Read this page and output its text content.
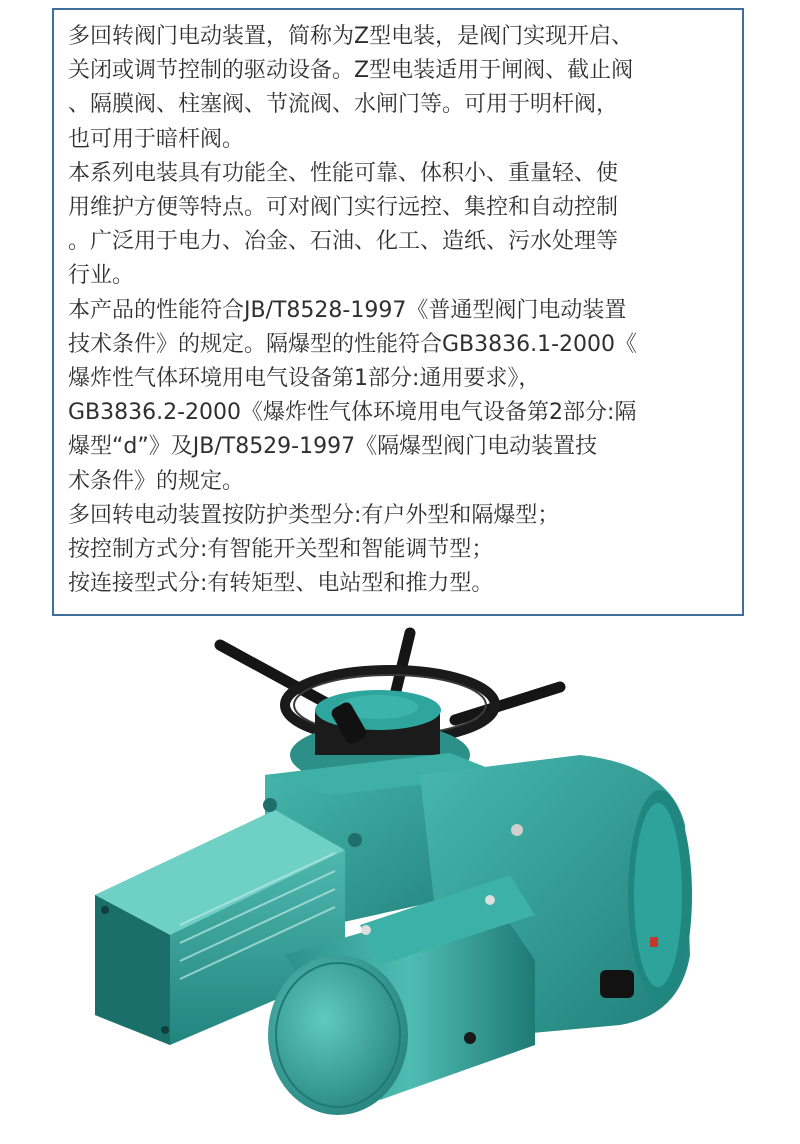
多回转阀门电动装置，简称为Z型电装，是阀门实现开启、
关闭或调节控制的驱动设备。Z型电装适用于闸阀、截止阀
、隔膜阀、柱塞阀、节流阀、水闸门等。可用于明杆阀，
也可用于暗杆阀。
本系列电装具有功能全、性能可靠、体积小、重量轻、使
用维护方便等特点。可对阀门实行远控、集控和自动控制
。广泛用于电力、冶金、石油、化工、造纸、污水处理等
行业。
本产品的性能符合JB/T8528-1997《普通型阀门电动装置
技术条件》的规定。隔爆型的性能符合GB3836.1-2000《
爆炸性气体环境用电气设备第1部分:通用要求》，
GB3836.2-2000《爆炸性气体环境用电气设备第2部分:隔
爆型“d”》及JB/T8529-1997《隔爆型阀门电动装置技
术条件》的规定。
多回转电动装置按防护类型分:有户外型和隔爆型；
按控制方式分:有智能开关型和智能调节型；
按连接型式分:有转矩型、电站型和推力型。
